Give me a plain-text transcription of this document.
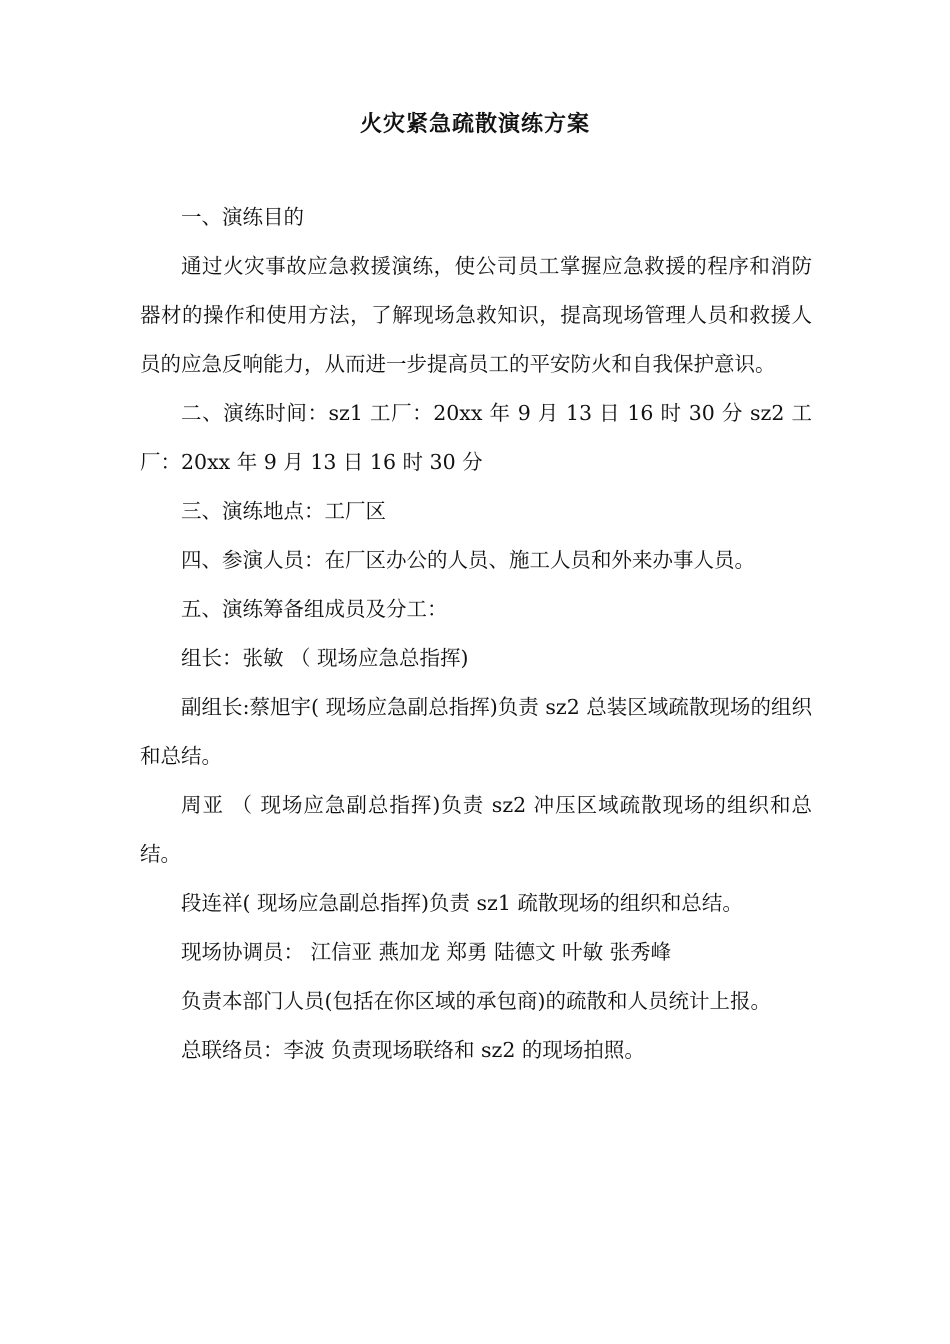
火灾紧急疏散演练方案

一、演练目的

通过火灾事故应急救援演练，使公司员工掌握应急救援的程序和消防器材的操作和使用方法，了解现场急救知识，提高现场管理人员和救援人员的应急反响能力，从而进一步提高员工的平安防火和自我保护意识。

二、演练时间：sz1 工厂：20xx 年 9 月 13 日 16 时 30 分 sz2 工厂：20xx 年 9 月 13 日 16 时 30 分

三、演练地点：工厂区

四、参演人员：在厂区办公的人员、施工人员和外来办事人员。

五、演练筹备组成员及分工：

组长：张敏 （ 现场应急总指挥)

副组长:蔡旭宇( 现场应急副总指挥)负责 sz2 总装区域疏散现场的组织和总结。

周亚 （ 现场应急副总指挥)负责 sz2 冲压区域疏散现场的组织和总结。

段连祥( 现场应急副总指挥)负责 sz1 疏散现场的组织和总结。

现场协调员： 江信亚 燕加龙 郑勇 陆德文 叶敏 张秀峰

负责本部门人员(包括在你区域的承包商)的疏散和人员统计上报。

总联络员：李波 负责现场联络和 sz2 的现场拍照。
